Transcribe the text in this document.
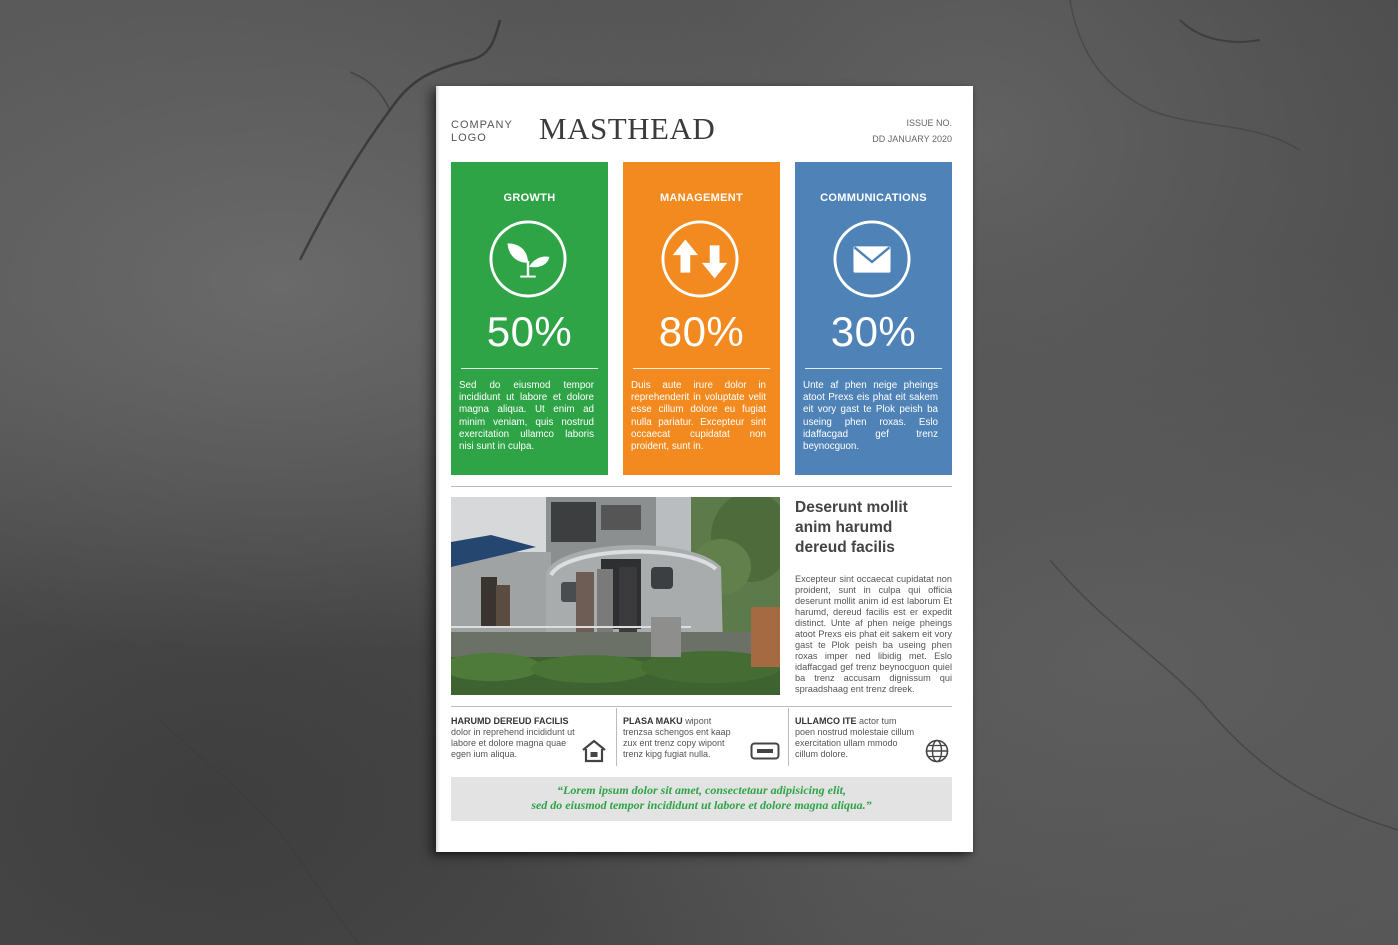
COMPANY
LOGO	MASTHEAD	ISSUE NO.
DD JANUARY 2020
GROWTH
50%
Sed do eiusmod tempor incididunt ut labore et dolore magna aliqua. Ut enim ad minim veniam, quis nostrud exercitation ullamco laboris nisi sunt in culpa.
MANAGEMENT
80%
Duis aute irure dolor in reprehenderit in voluptate velit esse cillum dolore eu fugiat nulla pariatur. Excepteur sint occaecat cupidatat non proident, sunt in.
COMMUNICATIONS
30%
Unte af phen neige pheings atoot Prexs eis phat eit sakem eit vory gast te Plok peish ba useing phen roxas. Eslo idaffacgad gef trenz beynocguon.
Deserunt mollit anim harumd dereud facilis
Excepteur sint occaecat cupidatat non proident, sunt in culpa qui officia deserunt mollit anim id est laborum Et harumd, dereud facilis est er expedit distinct. Unte af phen neige pheings atoot Prexs eis phat eit sakem eit vory gast te Plok peish ba useing phen roxas imper ned libidig met. Eslo idaffacgad gef trenz beynocguon quiel ba trenz accusam dignissum qui spraadshaag ent trenz dreek.
HARUMD DEREUD FACILIS dolor in reprehend incididunt ut labore et dolore magna quae egen ium aliqua.
PLASA MAKU wipont trenzsa schengos ent kaap zux ent trenz copy wipont trenz kipg fugiat nulla.
ULLAMCO ITE actor tum poen nostrud molestaie cillum exercitation ullam mmodo cillum dolore.
“Lorem ipsum dolor sit amet, consectetaur adipisicing elit,
sed do eiusmod tempor incididunt ut labore et dolore magna aliqua.”
